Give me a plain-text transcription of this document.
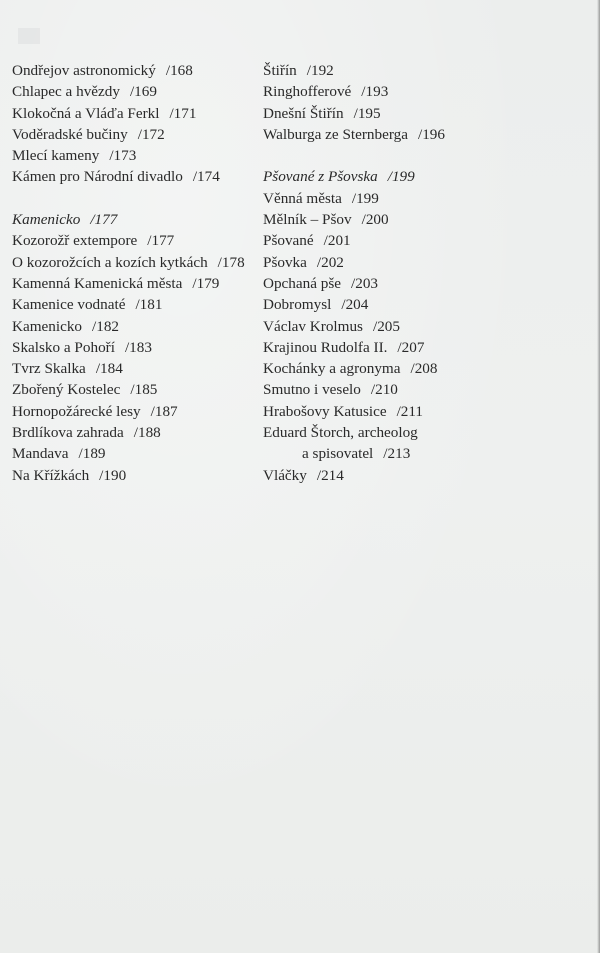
Ondřejov astronomický /168
Chlapec a hvězdy /169
Klokočná a Vláďa Ferkl /171
Voděradské bučiny /172
Mlecí kameny /173
Kámen pro Národní divadlo /174
Kamenicko /177
Kozorožř extempore /177
O kozorožcích a kozích kytkách /178
Kamenná Kamenická města /179
Kamenice vodnaté /181
Kamenicko /182
Skalsko a Pohoří /183
Tvrz Skalka /184
Zbořený Kostelec /185
Hornopožárecké lesy /187
Brdlíkova zahrada /188
Mandava /189
Na Křížkách /190
Štiřín /192
Ringhofferové /193
Dnešní Štiřín /195
Walburga ze Sternberga /196
Pšované z Pšovska /199
Věnná města /199
Mělník – Pšov /200
Pšované /201
Pšovka /202
Opchaná pše /203
Dobromysl /204
Václav Krolmus /205
Krajinou Rudolfa II. /207
Kochánky a agronyma /208
Smutno i veselo /210
Hrabošovy Katusice /211
Eduard Štorch, archeolog
a spisovatel /213
Vláčky /214
